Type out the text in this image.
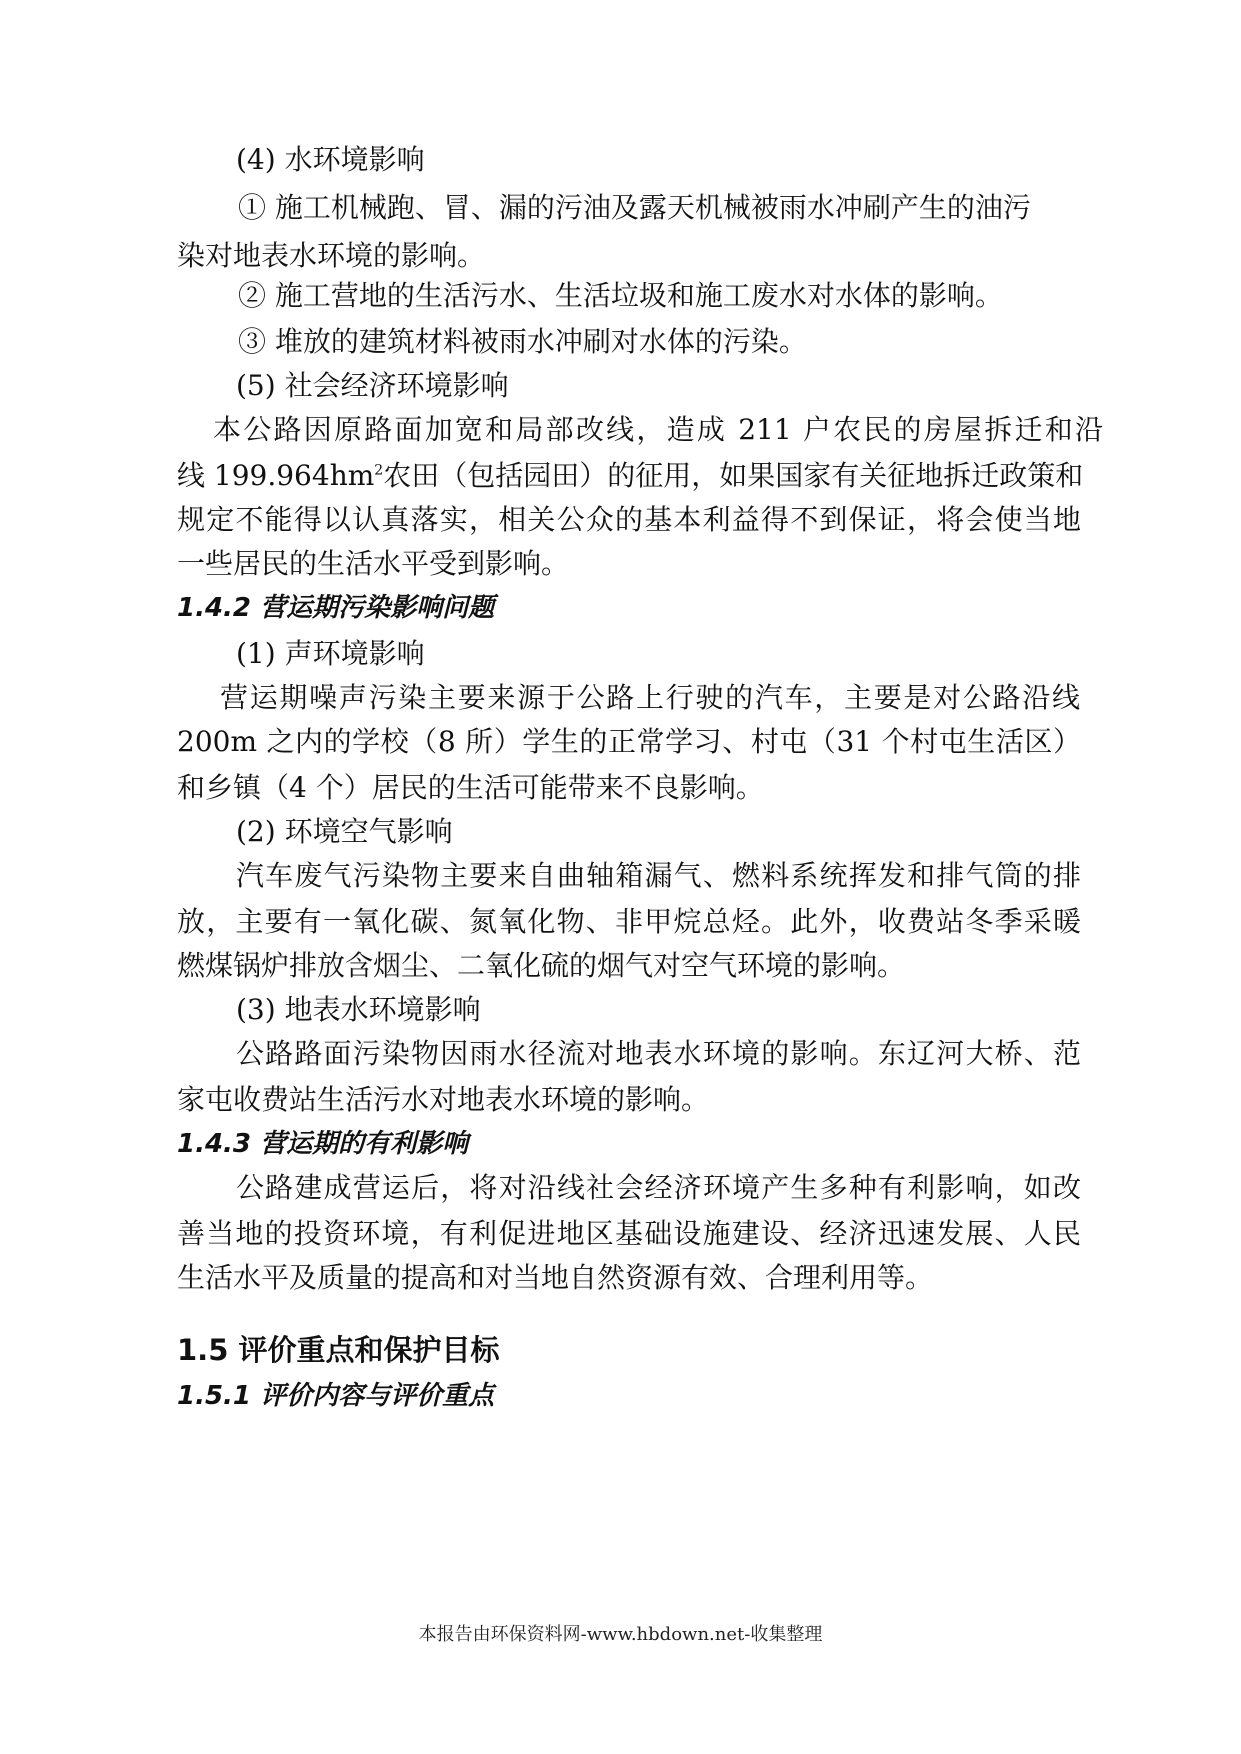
(4) 水环境影响
① 施工机械跑、冒、漏的污油及露天机械被雨水冲刷产生的油污
染对地表水环境的影响。
② 施工营地的生活污水、生活垃圾和施工废水对水体的影响。
③ 堆放的建筑材料被雨水冲刷对水体的污染。
(5) 社会经济环境影响
本公路因原路面加宽和局部改线，造成 211 户农民的房屋拆迁和沿
线 $199.964hm^2$农田（包括园田）的征用，如果国家有关征地拆迁政策和
规定不能得以认真落实，相关公众的基本利益得不到保证，将会使当地
一些居民的生活水平受到影响。
1.4.2 营运期污染影响问题
(1) 声环境影响
营运期噪声污染主要来源于公路上行驶的汽车，主要是对公路沿线
200m 之内的学校（8 所）学生的正常学习、村屯（31 个村屯生活区）
和乡镇（4 个）居民的生活可能带来不良影响。
(2) 环境空气影响
汽车废气污染物主要来自曲轴箱漏气、燃料系统挥发和排气筒的排
放，主要有一氧化碳、氮氧化物、非甲烷总烃。此外，收费站冬季采暖
燃煤锅炉排放含烟尘、二氧化硫的烟气对空气环境的影响。
(3) 地表水环境影响
公路路面污染物因雨水径流对地表水环境的影响。东辽河大桥、范
家屯收费站生活污水对地表水环境的影响。
1.4.3 营运期的有利影响
公路建成营运后，将对沿线社会经济环境产生多种有利影响，如改
善当地的投资环境，有利促进地区基础设施建设、经济迅速发展、人民
生活水平及质量的提高和对当地自然资源有效、合理利用等。
1.5 评价重点和保护目标
1.5.1 评价内容与评价重点
本报告由环保资料网-www.hbdown.net-收集整理
